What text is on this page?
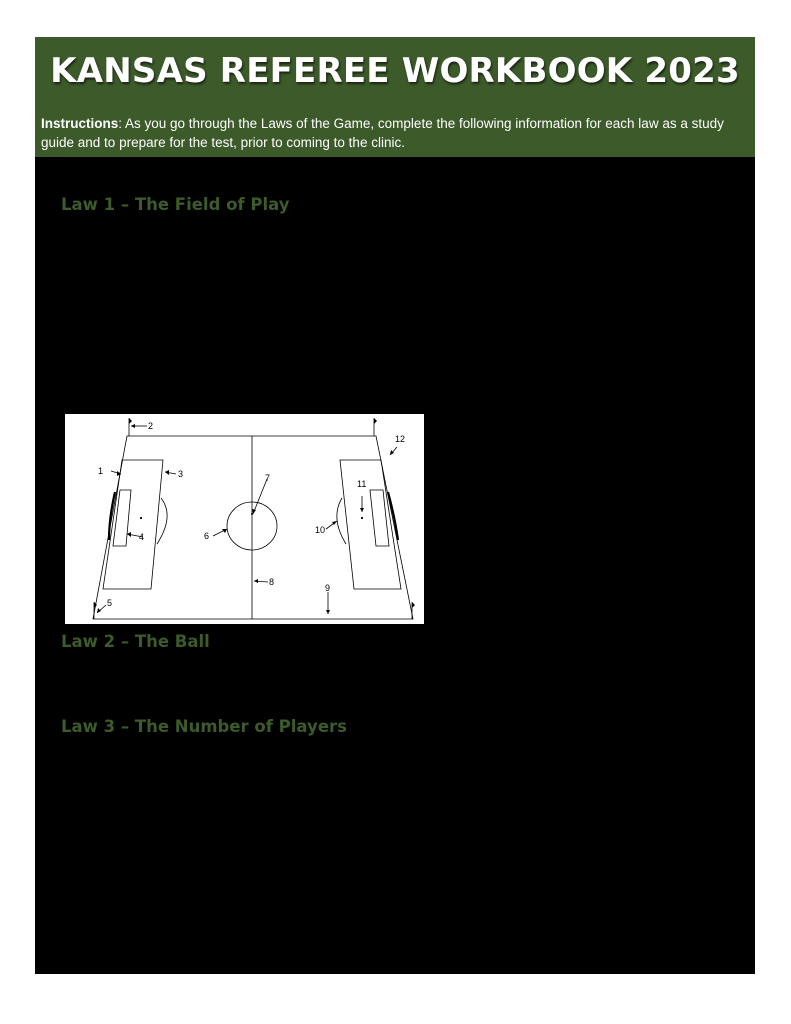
KANSAS REFEREE WORKBOOK 2023
Instructions: As you go through the Laws of the Game, complete the following information for each law as a study guide and to prepare for the test, prior to coming to the clinic.
Law 1 – The Field of Play
1
2
3
4
5
6
7
8
9
10
11
12
Law 2 – The Ball
Law 3 – The Number of Players
